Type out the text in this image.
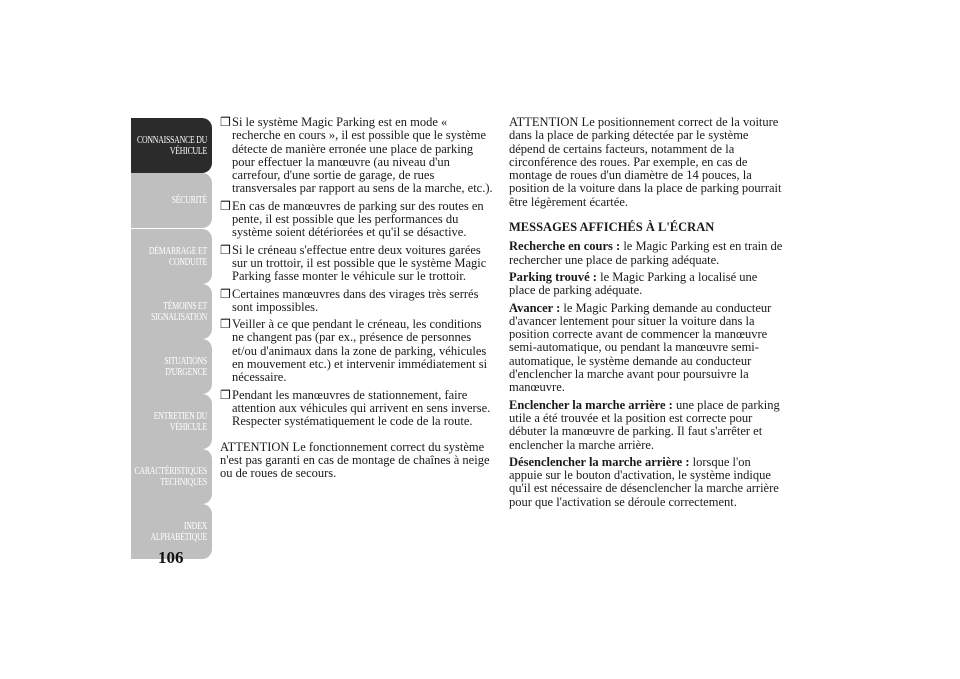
CONNAISSANCE DU
VÉHICULE
SÉCURITÉ
DÉMARRAGE ET
CONDUITE
TÉMOINS ET
SIGNALISATION
SITUATIONS
D'URGENCE
ENTRETIEN DU
VÉHICULE
CARACTÉRISTIQUES
TECHNIQUES
INDEX
ALPHABÉTIQUE
106
❒ Si le système Magic Parking est en mode « recherche en cours », il est possible que le système détecte de manière erronée une place de parking pour effectuer la manœuvre (au niveau d'un carrefour, d'une sortie de garage, de rues transversales par rapport au sens de la marche, etc.).
❒ En cas de manœuvres de parking sur des routes en pente, il est possible que les performances du système soient détériorées et qu'il se désactive.
❒ Si le créneau s'effectue entre deux voitures garées sur un trottoir, il est possible que le système Magic Parking fasse monter le véhicule sur le trottoir.
❒ Certaines manœuvres dans des virages très serrés sont impossibles.
❒ Veiller à ce que pendant le créneau, les conditions ne changent pas (par ex., présence de personnes et/ou d'animaux dans la zone de parking, véhicules en mouvement etc.) et intervenir immédiatement si nécessaire.
❒ Pendant les manœuvres de stationnement, faire attention aux véhicules qui arrivent en sens inverse. Respecter systématiquement le code de la route.

ATTENTION Le fonctionnement correct du système n'est pas garanti en cas de montage de chaînes à neige ou de roues de secours.

ATTENTION Le positionnement correct de la voiture dans la place de parking détectée par le système dépend de certains facteurs, notamment de la circonférence des roues. Par exemple, en cas de montage de roues d'un diamètre de 14 pouces, la position de la voiture dans la place de parking pourrait être légèrement écartée.

MESSAGES AFFICHÉS À L'ÉCRAN

Recherche en cours : le Magic Parking est en train de rechercher une place de parking adéquate.

Parking trouvé : le Magic Parking a localisé une place de parking adéquate.

Avancer : le Magic Parking demande au conducteur d'avancer lentement pour situer la voiture dans la position correcte avant de commencer la manœuvre semi-automatique, ou pendant la manœuvre semi-automatique, le système demande au conducteur d'enclencher la marche avant pour poursuivre la manœuvre.

Enclencher la marche arrière : une place de parking utile a été trouvée et la position est correcte pour débuter la manœuvre de parking. Il faut s'arrêter et enclencher la marche arrière.

Désenclencher la marche arrière : lorsque l'on appuie sur le bouton d'activation, le système indique qu'il est nécessaire de désenclencher la marche arrière pour que l'activation se déroule correctement.
